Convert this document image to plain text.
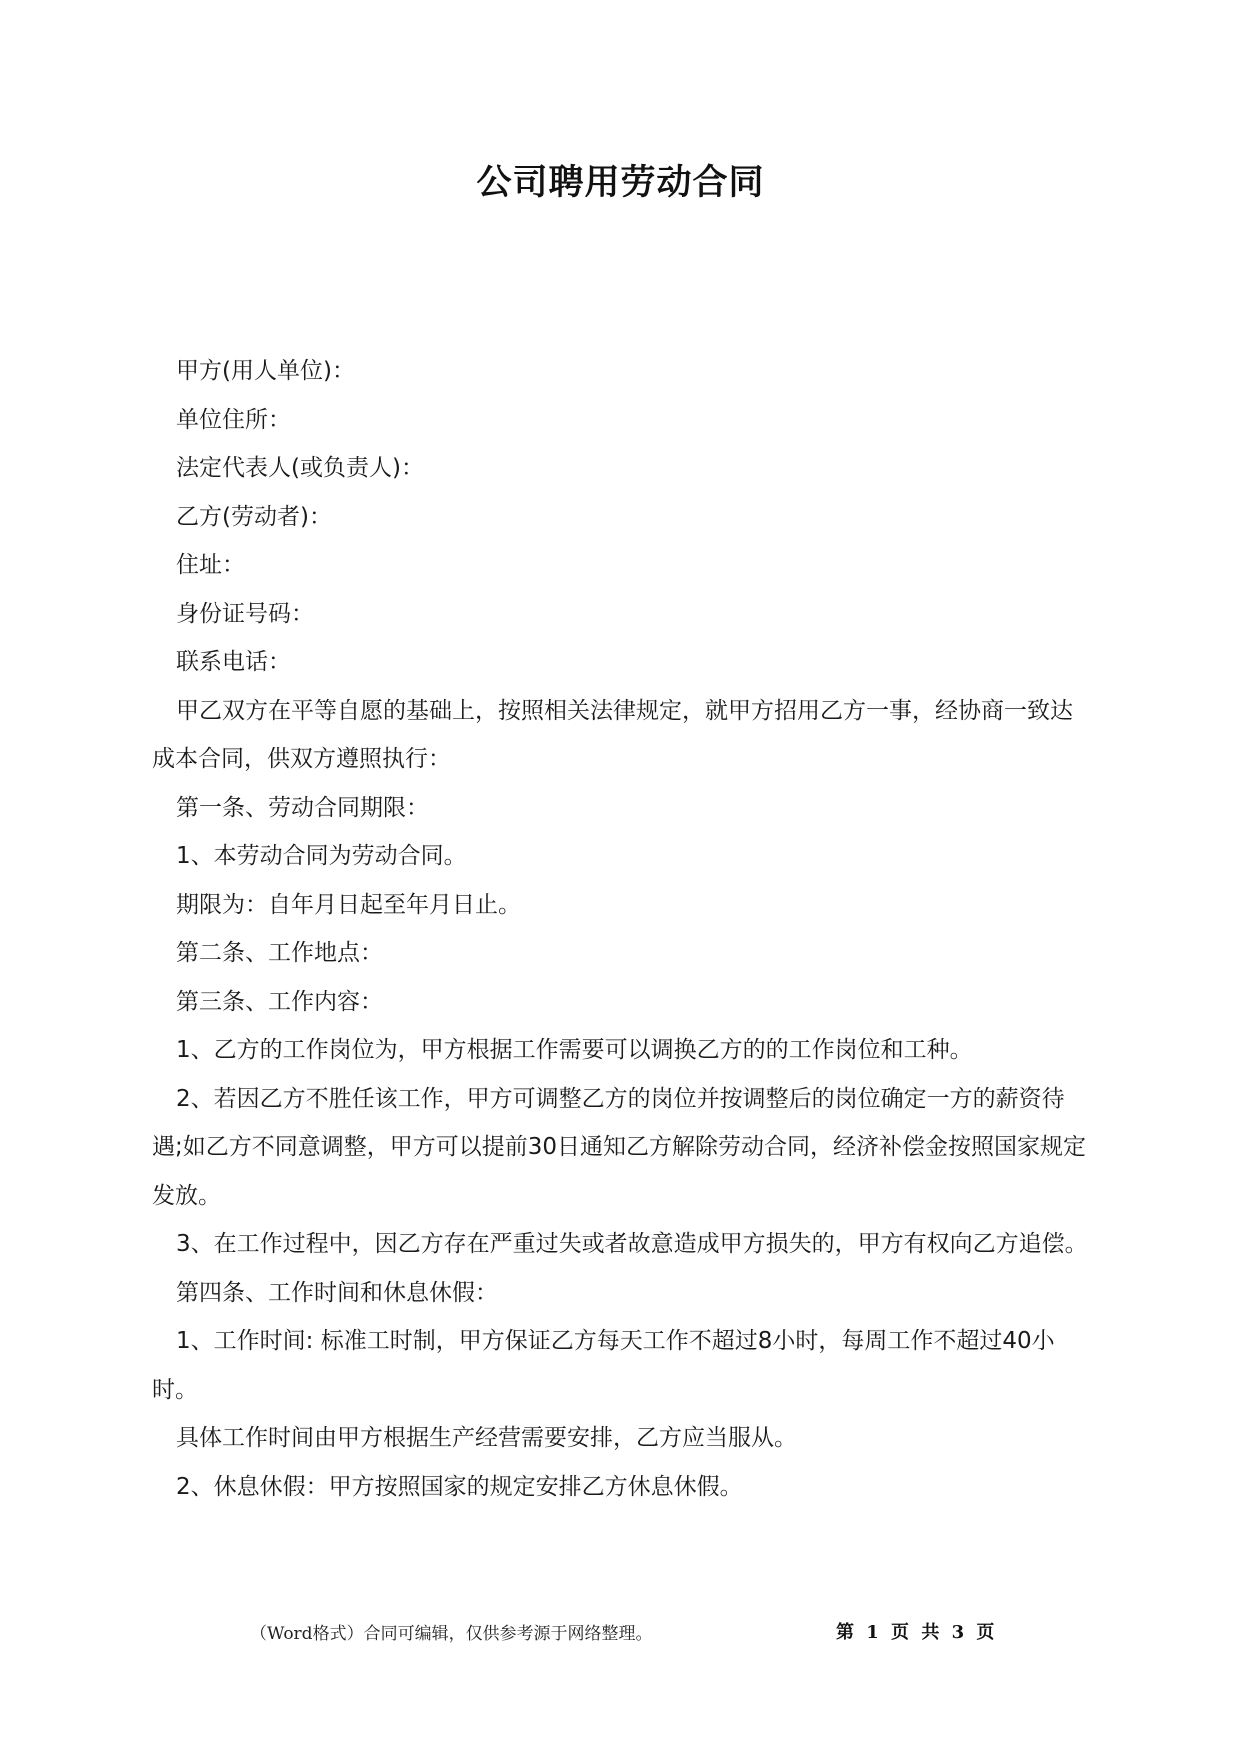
公司聘用劳动合同

甲方(用人单位)：

单位住所：

法定代表人(或负责人)：

乙方(劳动者)：

住址：

身份证号码：

联系电话：

甲乙双方在平等自愿的基础上，按照相关法律规定，就甲方招用乙方一事，经协商一致达成本合同，供双方遵照执行：

第一条、劳动合同期限：

1、本劳动合同为劳动合同。

期限为：自年月日起至年月日止。

第二条、工作地点：

第三条、工作内容：

1、乙方的工作岗位为，甲方根据工作需要可以调换乙方的的工作岗位和工种。

2、若因乙方不胜任该工作，甲方可调整乙方的岗位并按调整后的岗位确定一方的薪资待遇;如乙方不同意调整，甲方可以提前30日通知乙方解除劳动合同，经济补偿金按照国家规定发放。

3、在工作过程中，因乙方存在严重过失或者故意造成甲方损失的，甲方有权向乙方追偿。

第四条、工作时间和休息休假：

1、工作时间: 标准工时制，甲方保证乙方每天工作不超过8小时，每周工作不超过40小时。

具体工作时间由甲方根据生产经营需要安排，乙方应当服从。

2、休息休假：甲方按照国家的规定安排乙方休息休假。

（Word格式）合同可编辑，仅供参考源于网络整理。	第 1 页 共 3 页
